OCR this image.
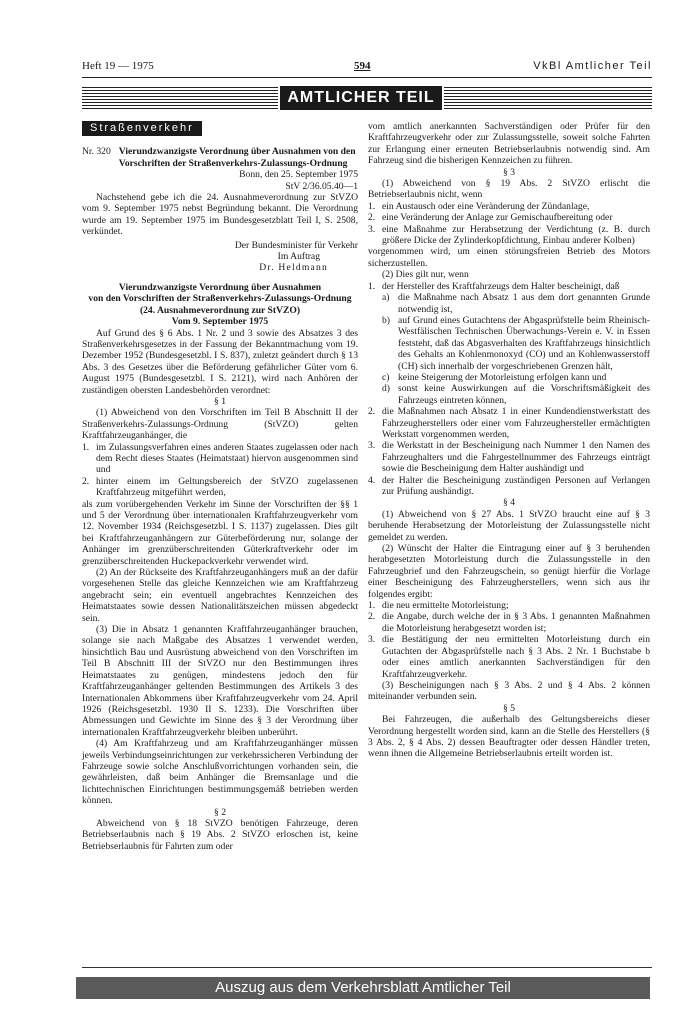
Heft 19 — 1975	594	VkBl Amtlicher Teil
AMTLICHER TEIL
Straßenverkehr
Nr. 320 Vierundzwanzigste Verordnung über Ausnahmen von den Vorschriften der Straßenverkehrs-Zulassungs-Ordnung

Bonn, den 25. September 1975

StV 2/36.05.40—1

Nachstehend gebe ich die 24. Ausnahmeverordnung zur StVZO vom 9. September 1975 nebst Begründung bekannt. Die Verordnung wurde am 19. September 1975 im Bundesgesetzblatt Teil I, S. 2508, verkündet.

Der Bundesminister für Verkehr

Im Auftrag

Dr. Heldmann

Vierundzwanzigste Verordnung über Ausnahmen

von den Vorschriften der Straßenverkehrs-Zulassungs-Ordnung

(24. Ausnahmeverordnung zur StVZO)

Vom 9. September 1975

Auf Grund des § 6 Abs. 1 Nr. 2 und 3 sowie des Absatzes 3 des Straßenverkehrsgesetzes in der Fassung der Bekanntmachung vom 19. Dezember 1952 (Bundesgesetzbl. I S. 837), zuletzt geändert durch § 13 Abs. 3 des Gesetzes über die Beförderung gefährlicher Güter vom 6. August 1975 (Bundesgesetzbl. I S. 2121), wird nach Anhören der zuständigen obersten Landesbehörden verordnet:

§ 1

(1) Abweichend von den Vorschriften im Teil B Abschnitt II der Straßenverkehrs-Zulassungs-Ordnung (StVZO) gelten Kraftfahrzeuganhänger, die

1. im Zulassungsverfahren eines anderen Staates zugelassen oder nach dem Recht dieses Staates (Heimatstaat) hiervon ausgenommen sind und
2. hinter einem im Geltungsbereich der StVZO zugelassenen Kraftfahrzeug mitgeführt werden,

als zum vorübergehenden Verkehr im Sinne der Vorschriften der §§ 1 und 5 der Verordnung über internationalen Kraftfahrzeugverkehr vom 12. November 1934 (Reichsgesetzbl. I S. 1137) zugelassen. Dies gilt bei Kraftfahrzeuganhängern zur Güterbeförderung nur, solange der Anhänger im grenzüberschreitenden Güterkraftverkehr oder im grenzüberschreitenden Huckepackverkehr verwendet wird.

(2) An der Rückseite des Kraftfahrzeuganhängers muß an der dafür vorgesehenen Stelle das gleiche Kennzeichen wie am Kraftfahrzeug angebracht sein; ein eventuell angebrachtes Kennzeichen des Heimatstaates sowie dessen Nationalitätszeichen müssen abgedeckt sein.

(3) Die in Absatz 1 genannten Kraftfahrzeuganhänger brauchen, solange sie nach Maßgabe des Absatzes 1 verwendet werden, hinsichtlich Bau und Ausrüstung abweichend von den Vorschriften im Teil B Abschnitt III der StVZO nur den Bestimmungen ihres Heimatstaates zu genügen, mindestens jedoch den für Kraftfahrzeuganhänger geltenden Bestimmungen des Artikels 3 des Internationalen Abkommens über Kraftfahrzeugverkehr vom 24. April 1926 (Reichsgesetzbl. 1930 II S. 1233). Die Vorschriften über Abmessungen und Gewichte im Sinne des § 3 der Verordnung über internationalen Kraftfahrzeugverkehr bleiben unberührt.

(4) Am Kraftfahrzeug und am Kraftfahrzeuganhänger müssen jeweils Verbindungseinrichtungen zur verkehrssicheren Verbindung der Fahrzeuge sowie solche Anschlußvorrichtungen vorhanden sein, die gewährleisten, daß beim Anhänger die Bremsanlage und die lichttechnischen Einrichtungen bestimmungsgemäß betrieben werden können.

§ 2

Abweichend von § 18 StVZO benötigen Fahrzeuge, deren Betriebserlaubnis nach § 19 Abs. 2 StVZO erloschen ist, keine Betriebserlaubnis für Fahrten zum oder

vom amtlich anerkannten Sachverständigen oder Prüfer für den Kraftfahrzeugverkehr oder zur Zulassungsstelle, soweit solche Fahrten zur Erlangung einer erneuten Betriebserlaubnis notwendig sind. Am Fahrzeug sind die bisherigen Kennzeichen zu führen.

§ 3

(1) Abweichend von § 19 Abs. 2 StVZO erlischt die Betriebserlaubnis nicht, wenn

1. ein Austausch oder eine Veränderung der Zündanlage,
2. eine Veränderung der Anlage zur Gemischaufbereitung oder
3. eine Maßnahme zur Herabsetzung der Verdichtung (z. B. durch größere Dicke der Zylinderkopfdichtung, Einbau anderer Kolben)

vorgenommen wird, um einen störungsfreien Betrieb des Motors sicherzustellen.

(2) Dies gilt nur, wenn

1. der Hersteller des Kraftfahrzeugs dem Halter bescheinigt, daß
a) die Maßnahme nach Absatz 1 aus dem dort genannten Grunde notwendig ist,
b) auf Grund eines Gutachtens der Abgasprüfstelle beim Rheinisch-Westfälischen Technischen Überwachungs-Verein e. V. in Essen feststeht, daß das Abgasverhalten des Kraftfahrzeugs hinsichtlich des Gehalts an Kohlenmonoxyd (CO) und an Kohlenwasserstoff (CH) sich innerhalb der vorgeschriebenen Grenzen hält,
c) keine Steigerung der Motorleistung erfolgen kann und
d) sonst keine Auswirkungen auf die Vorschriftsmäßigkeit des Fahrzeugs eintreten können,
2. die Maßnahmen nach Absatz 1 in einer Kundendienstwerkstatt des Fahrzeugherstellers oder einer vom Fahrzeughersteller ermächtigten Werkstatt vorgenommen werden,
3. die Werkstatt in der Bescheinigung nach Nummer 1 den Namen des Fahrzeughalters und die Fahrgestellnummer des Fahrzeugs einträgt sowie die Bescheinigung dem Halter aushändigt und
4. der Halter die Bescheinigung zuständigen Personen auf Verlangen zur Prüfung aushändigt.

§ 4

(1) Abweichend von § 27 Abs. 1 StVZO braucht eine auf § 3 beruhende Herabsetzung der Motorleistung der Zulassungsstelle nicht gemeldet zu werden.

(2) Wünscht der Halter die Eintragung einer auf § 3 beruhenden herabgesetzten Motorleistung durch die Zulassungsstelle in den Fahrzeugbrief und den Fahrzeugschein, so genügt hierfür die Vorlage einer Bescheinigung des Fahrzeugherstellers, wenn sich aus ihr folgendes ergibt:

1. die neu ermittelte Motorleistung;
2. die Angabe, durch welche der in § 3 Abs. 1 genannten Maßnahmen die Motorleistung herabgesetzt worden ist;
3. die Bestätigung der neu ermittelten Motorleistung durch ein Gutachten der Abgasprüfstelle nach § 3 Abs. 2 Nr. 1 Buchstabe b oder eines amtlich anerkannten Sachverständigen für den Kraftfahrzeugverkehr.

(3) Bescheinigungen nach § 3 Abs. 2 und § 4 Abs. 2 können miteinander verbunden sein.

§ 5

Bei Fahrzeugen, die außerhalb des Geltungsbereichs dieser Verordnung hergestellt worden sind, kann an die Stelle des Herstellers (§ 3 Abs. 2, § 4 Abs. 2) dessen Beauftragter oder dessen Händler treten, wenn ihnen die Allgemeine Betriebserlaubnis erteilt worden ist.

Auszug aus dem Verkehrsblatt Amtlicher Teil
